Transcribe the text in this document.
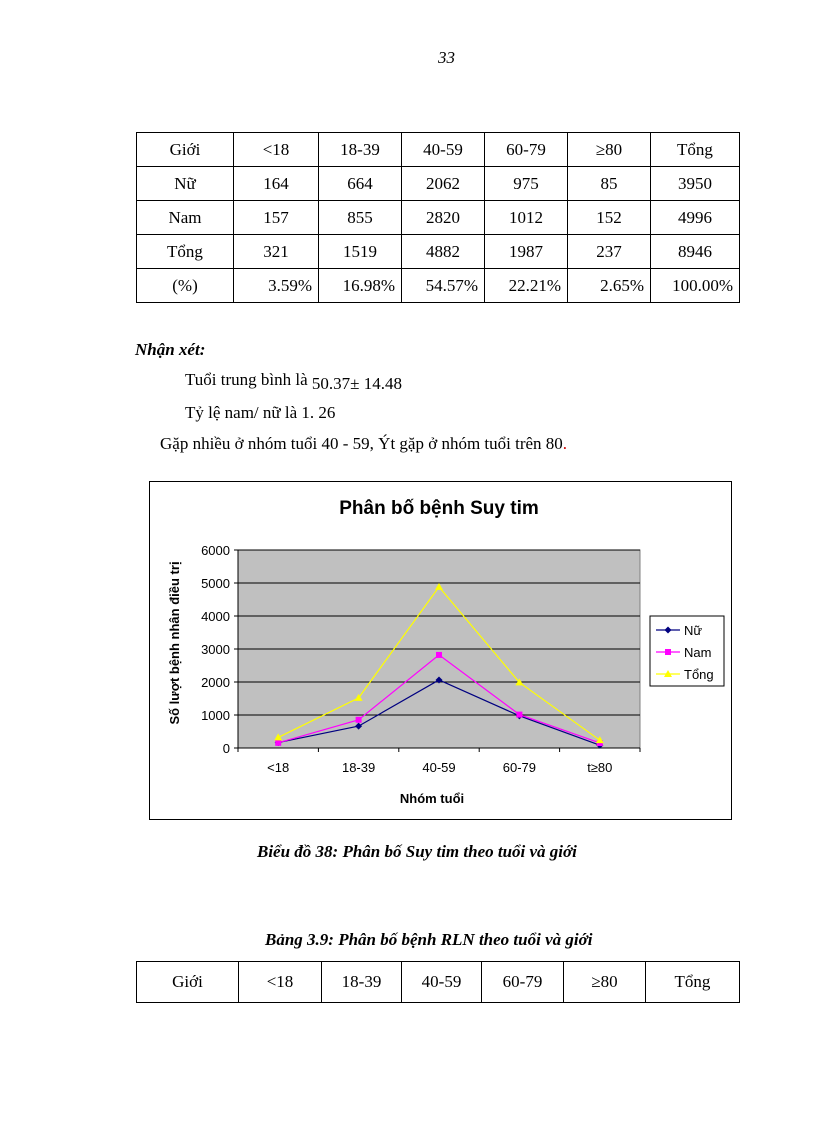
33
Giới	<18	18-39	40-59	60-79	≥80	Tổng
Nữ	164	664	2062	975	85	3950
Nam	157	855	2820	1012	152	4996
Tổng	321	1519	4882	1987	237	8946
(%)	3.59%	16.98%	54.57%	22.21%	2.65%	100.00%
Nhận xét:
Tuổi trung bình là 50.37± 14.48
Tỷ lệ nam/ nữ là 1. 26
Gặp nhiều ở nhóm tuổi 40 - 59, Ýt gặp ở nhóm tuổi trên 80.
Phân bố bệnh Suy tim
0
1000
2000
3000
4000
5000
6000
<18	18-39	40-59	60-79	t≥80
Nhóm tuổi
Số lượt bệnh nhân điều trị	Nữ
Nam
Tổng
Biểu đồ 38: Phân bố Suy tim theo tuổi và giới
Bảng 3.9: Phân bố bệnh RLN theo tuổi và giới
Giới	<18	18-39	40-59	60-79	≥80	Tổng
